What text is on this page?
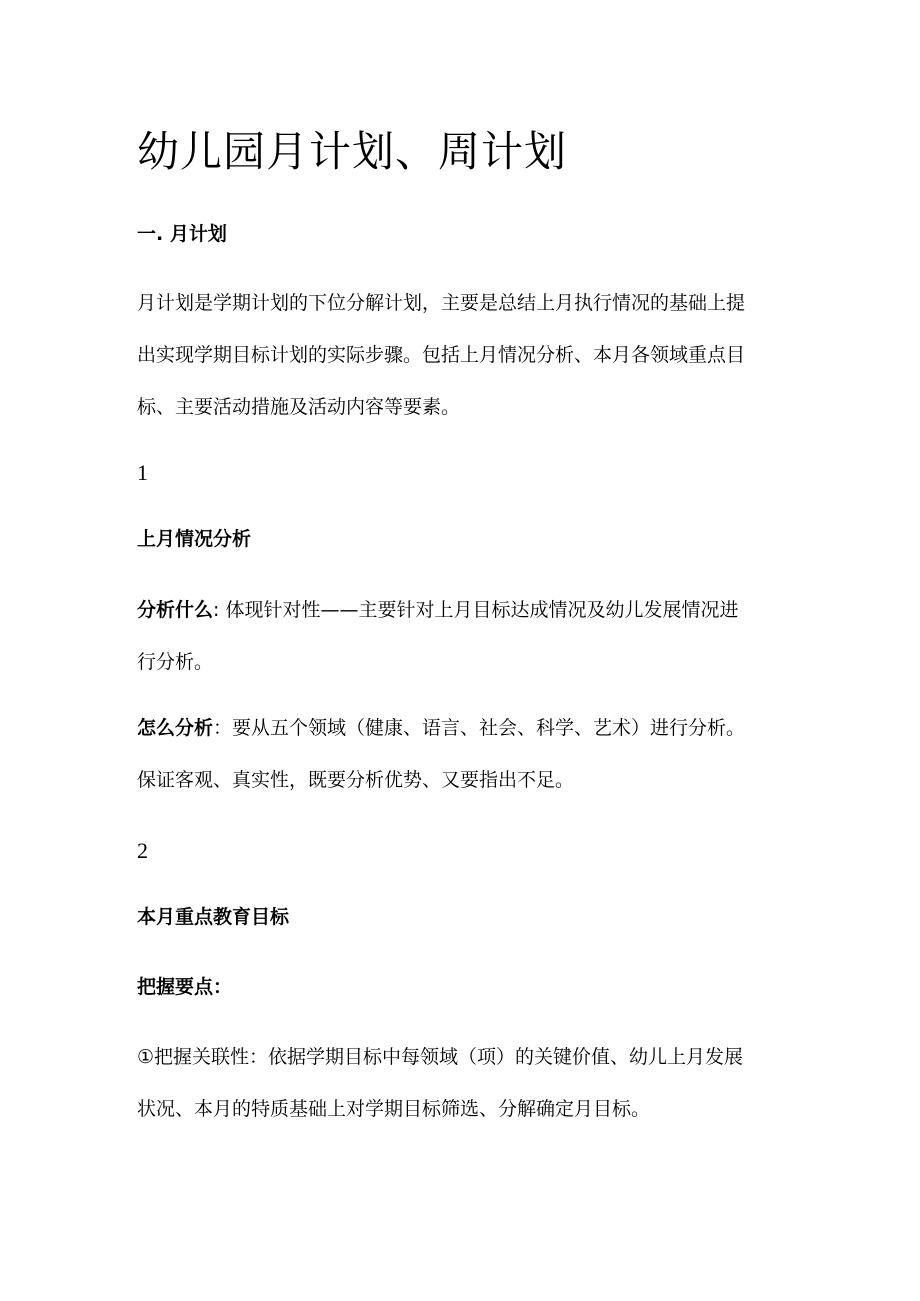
幼儿园月计划、周计划
一. 月计划
月计划是学期计划的下位分解计划，主要是总结上月执行情况的基础上提
出实现学期目标计划的实际步骤。包括上月情况分析、本月各领域重点目
标、主要活动措施及活动内容等要素。
1
上月情况分析
分析什么: 体现针对性——主要针对上月目标达成情况及幼儿发展情况进
行分析。
怎么分析：要从五个领域（健康、语言、社会、科学、艺术）进行分析。
保证客观、真实性，既要分析优势、又要指出不足。
2
本月重点教育目标
把握要点：
①把握关联性：依据学期目标中每领域（项）的关键价值、幼儿上月发展
状况、本月的特质基础上对学期目标筛选、分解确定月目标。
